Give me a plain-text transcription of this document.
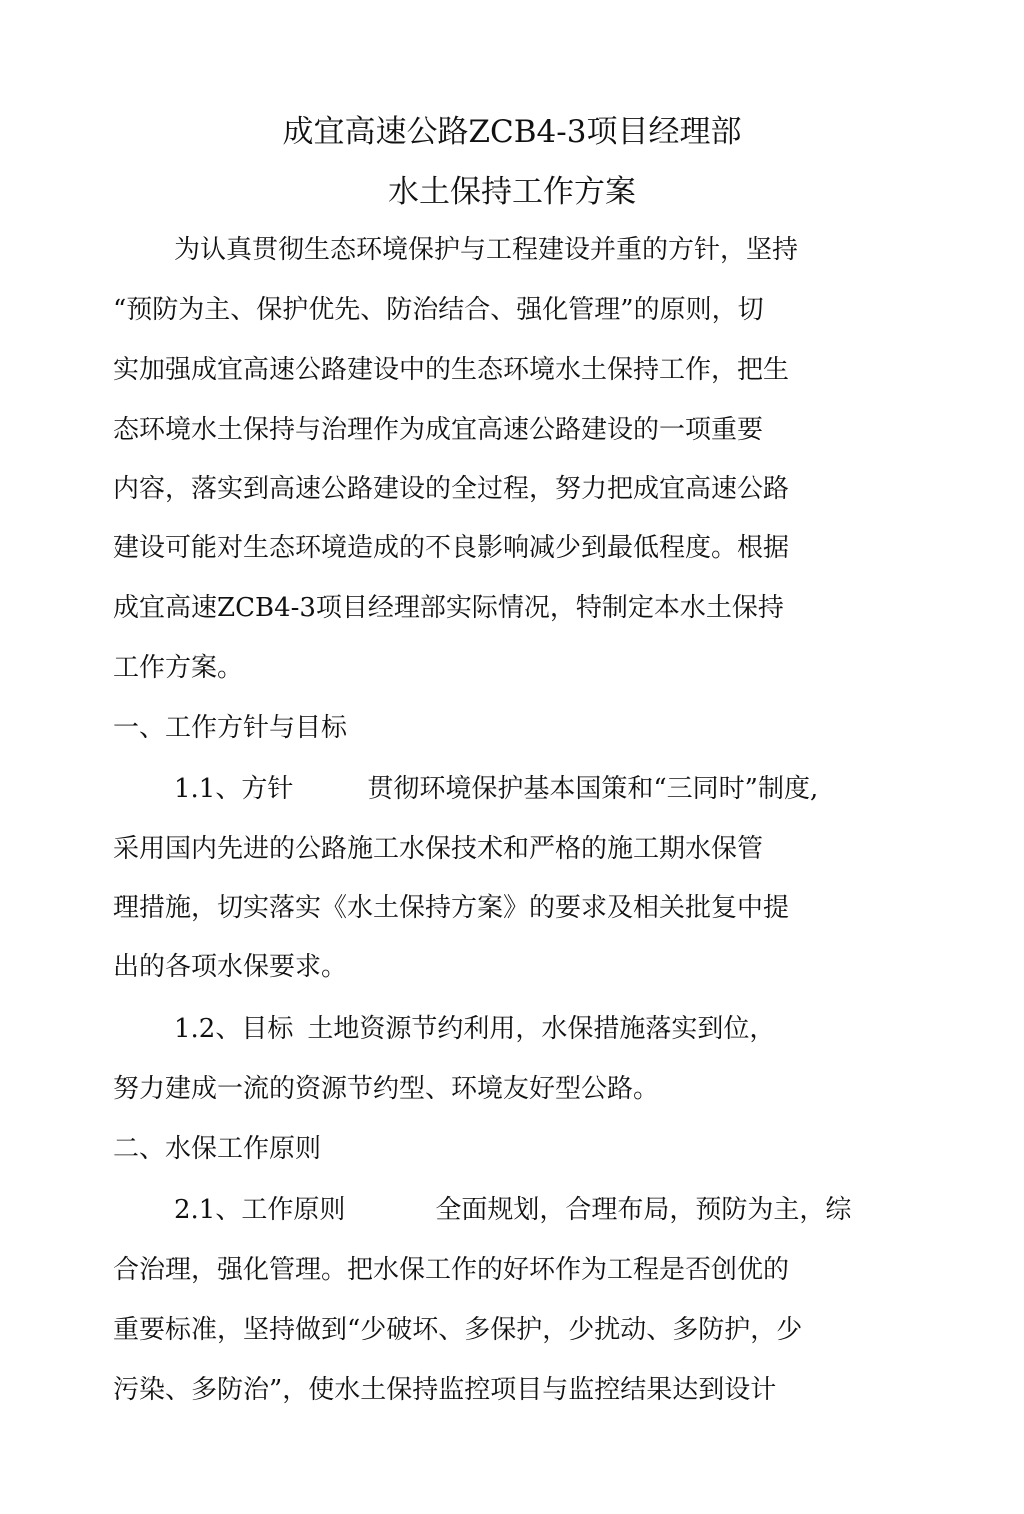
成宜高速公路ZCB4-3项目经理部
水土保持工作方案
为认真贯彻生态环境保护与工程建设并重的方针，坚持
“预防为主、保护优先、防治结合、强化管理”的原则，切
实加强成宜高速公路建设中的生态环境水土保持工作，把生
态环境水土保持与治理作为成宜高速公路建设的一项重要
内容，落实到高速公路建设的全过程，努力把成宜高速公路
建设可能对生态环境造成的不良影响减少到最低程度。根据
成宜高速ZCB4-3项目经理部实际情况，特制定本水土保持
工作方案。
一、工作方针与目标
1.1、方针	贯彻环境保护基本国策和“三同时”制度,
采用国内先进的公路施工水保技术和严格的施工期水保管
理措施，切实落实《水土保持方案》的要求及相关批复中提
出的各项水保要求。
1.2、目标 土地资源节约利用，水保措施落实到位，
努力建成一流的资源节约型、环境友好型公路。
二、水保工作原则
2.1、工作原则	全面规划，合理布局，预防为主，综
合治理，强化管理。把水保工作的好坏作为工程是否创优的
重要标准，坚持做到“少破坏、多保护，少扰动、多防护，少
污染、多防治”，使水土保持监控项目与监控结果达到设计
